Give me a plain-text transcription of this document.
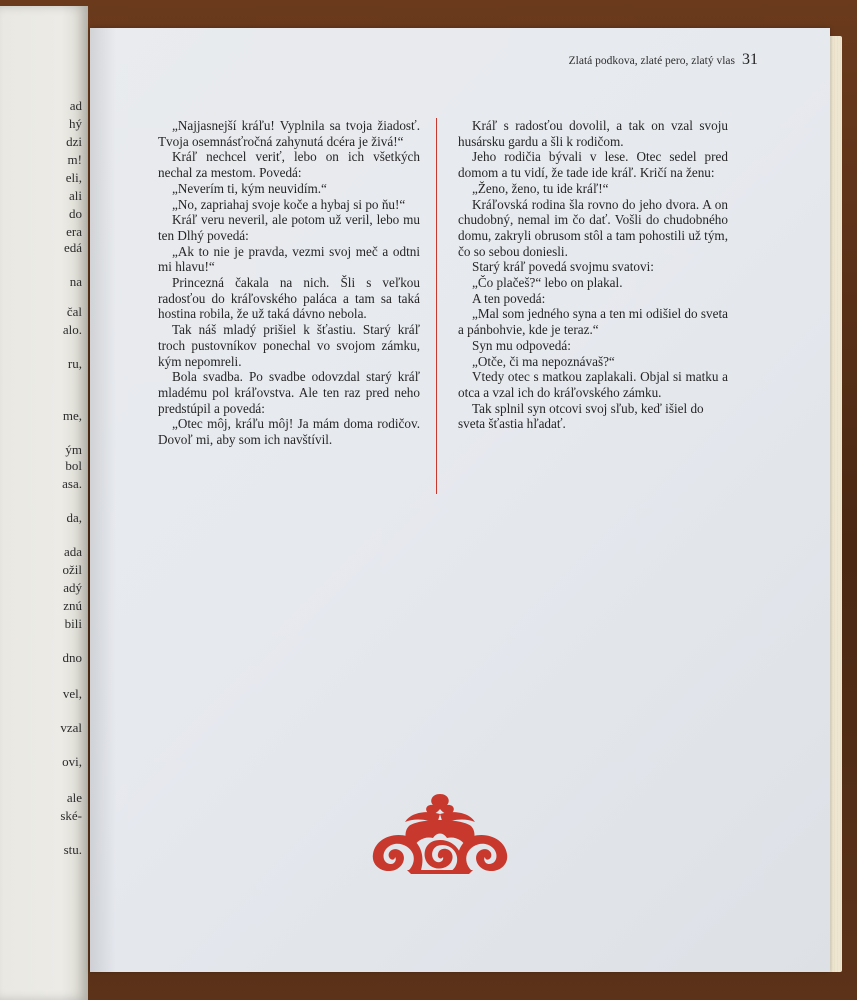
ad
hý
dzi
m!
eli,
ali
do
era
edá
na
čal
alo.
ru,
me,
ým
bol
asa.
da,
ada
ožil
adý
znú
bili
dno
vel,
vzal
ovi,
ale
ské-
stu.
Zlatá podkova, zlaté pero, zlatý vlas 31

„Najjasnejší kráľu! Vyplnila sa tvoja žiadosť. Tvoja osemnásťročná zahynutá dcéra je živá!“

Kráľ nechcel veriť, lebo on ich všetkých nechal za mestom. Povedá:

„Neverím ti, kým neuvidím.“

„No, zapriahaj svoje koče a hybaj si po ňu!“

Kráľ veru neveril, ale potom už veril, lebo mu ten Dlhý povedá:

„Ak to nie je pravda, vezmi svoj meč a odtni mi hlavu!“

Princezná čakala na nich. Šli s veľkou radosťou do kráľovského paláca a tam sa taká hostina robila, že už taká dávno nebola.

Tak náš mladý prišiel k šťastiu. Starý kráľ troch pustovníkov ponechal vo svojom zámku, kým nepomreli.

Bola svadba. Po svadbe odovzdal starý kráľ mladému pol kráľovstva. Ale ten raz pred neho predstúpil a povedá:

„Otec môj, kráľu môj! Ja mám doma rodičov. Dovoľ mi, aby som ich navštívil.

Kráľ s radosťou dovolil, a tak on vzal svoju husársku gardu a šli k rodičom.

Jeho rodičia bývali v lese. Otec sedel pred domom a tu vidí, že tade ide kráľ. Kričí na ženu:

„Ženo, ženo, tu ide kráľ!“

Kráľovská rodina šla rovno do jeho dvora. A on chudobný, nemal im čo dať. Vošli do chudobného domu, zakryli obrusom stôl a tam pohostili už tým, čo so sebou doniesli.

Starý kráľ povedá svojmu svatovi:

„Čo plačeš?“ lebo on plakal.

A ten povedá:

„Mal som jedného syna a ten mi odišiel do sveta a pánbohvie, kde je teraz.“

Syn mu odpovedá:

„Otče, či ma nepoznávaš?“

Vtedy otec s matkou zaplakali. Objal si matku a otca a vzal ich do kráľovského zámku.

Tak splnil syn otcovi svoj sľub, keď išiel do sveta šťastia hľadať.
